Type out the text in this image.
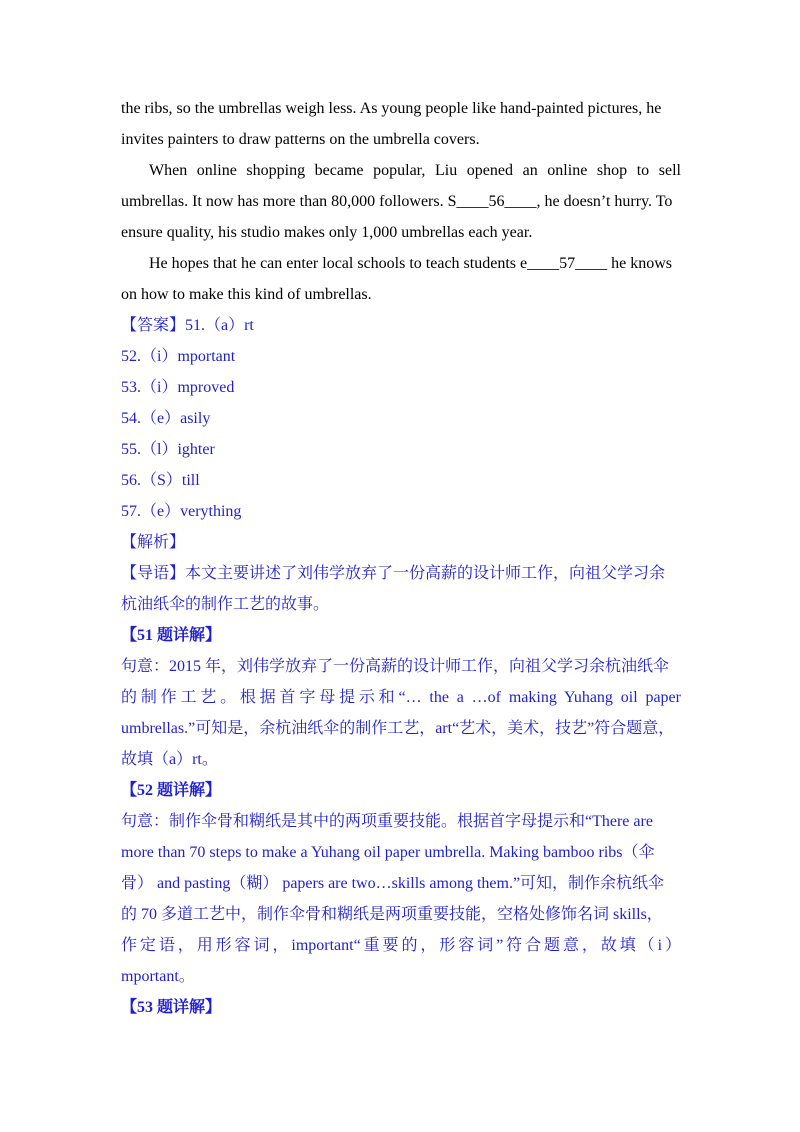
the ribs, so the umbrellas weigh less. As young people like hand-painted pictures, he
invites painters to draw patterns on the umbrella covers.
When online shopping became popular, Liu opened an online shop to sell
umbrellas. It now has more than 80,000 followers. S____56____, he doesn’t hurry. To
ensure quality, his studio makes only 1,000 umbrellas each year.
He hopes that he can enter local schools to teach students e____57____ he knows
on how to make this kind of umbrellas.
【答案】51.（a）rt
52.（i）mportant
53.（i）mproved
54.（e）asily
55.（l）ighter
56.（S）till
57.（e）verything
【解析】
【导语】本文主要讲述了刘伟学放弃了一份高薪的设计师工作，向祖父学习余
杭油纸伞的制作工艺的故事。
【51 题详解】
句意：2015 年，刘伟学放弃了一份高薪的设计师工作，向祖父学习余杭油纸伞
的制作工艺。根据首字母提示和“… the a …of making Yuhang oil paper
umbrellas.”可知是，余杭油纸伞的制作工艺，art“艺术，美术，技艺”符合题意，
故填（a）rt。
【52 题详解】
句意：制作伞骨和糊纸是其中的两项重要技能。根据首字母提示和“There are
more than 70 steps to make a Yuhang oil paper umbrella. Making bamboo ribs（伞
骨） and pasting（糊） papers are two…skills among them.”可知，制作余杭纸伞
的 70 多道工艺中，制作伞骨和糊纸是两项重要技能，空格处修饰名词 skills，
作定语，用形容词，important“重要的，形容词”符合题意，故填（i）
mportant。
【53 题详解】
